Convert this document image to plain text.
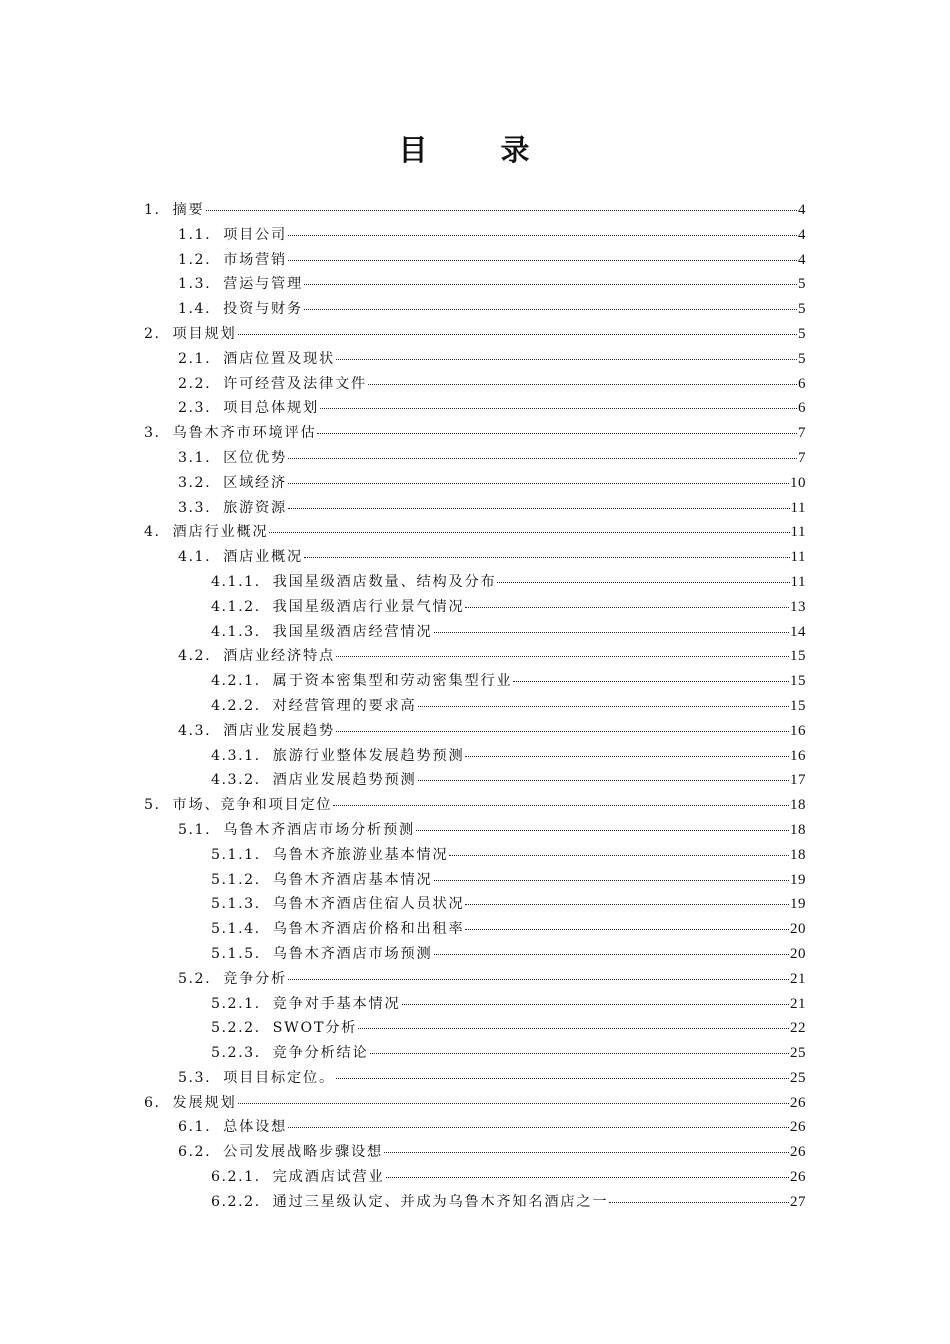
目　录
1. 摘要	4
1.1. 项目公司	4
1.2. 市场营销	4
1.3. 营运与管理	5
1.4. 投资与财务	5
2. 项目规划	5
2.1. 酒店位置及现状	5
2.2. 许可经营及法律文件	6
2.3. 项目总体规划	6
3. 乌鲁木齐市环境评估	7
3.1. 区位优势	7
3.2. 区域经济	10
3.3. 旅游资源	11
4. 酒店行业概况	11
4.1. 酒店业概况	11
4.1.1. 我国星级酒店数量、结构及分布	11
4.1.2. 我国星级酒店行业景气情况	13
4.1.3. 我国星级酒店经营情况	14
4.2. 酒店业经济特点	15
4.2.1. 属于资本密集型和劳动密集型行业	15
4.2.2. 对经营管理的要求高	15
4.3. 酒店业发展趋势	16
4.3.1. 旅游行业整体发展趋势预测	16
4.3.2. 酒店业发展趋势预测	17
5. 市场、竞争和项目定位	18
5.1. 乌鲁木齐酒店市场分析预测	18
5.1.1. 乌鲁木齐旅游业基本情况	18
5.1.2. 乌鲁木齐酒店基本情况	19
5.1.3. 乌鲁木齐酒店住宿人员状况	19
5.1.4. 乌鲁木齐酒店价格和出租率	20
5.1.5. 乌鲁木齐酒店市场预测	20
5.2. 竞争分析	21
5.2.1. 竞争对手基本情况	21
5.2.2. SWOT分析	22
5.2.3. 竞争分析结论	25
5.3. 项目目标定位。	25
6. 发展规划	26
6.1. 总体设想	26
6.2. 公司发展战略步骤设想	26
6.2.1. 完成酒店试营业	26
6.2.2. 通过三星级认定、并成为乌鲁木齐知名酒店之一	27
